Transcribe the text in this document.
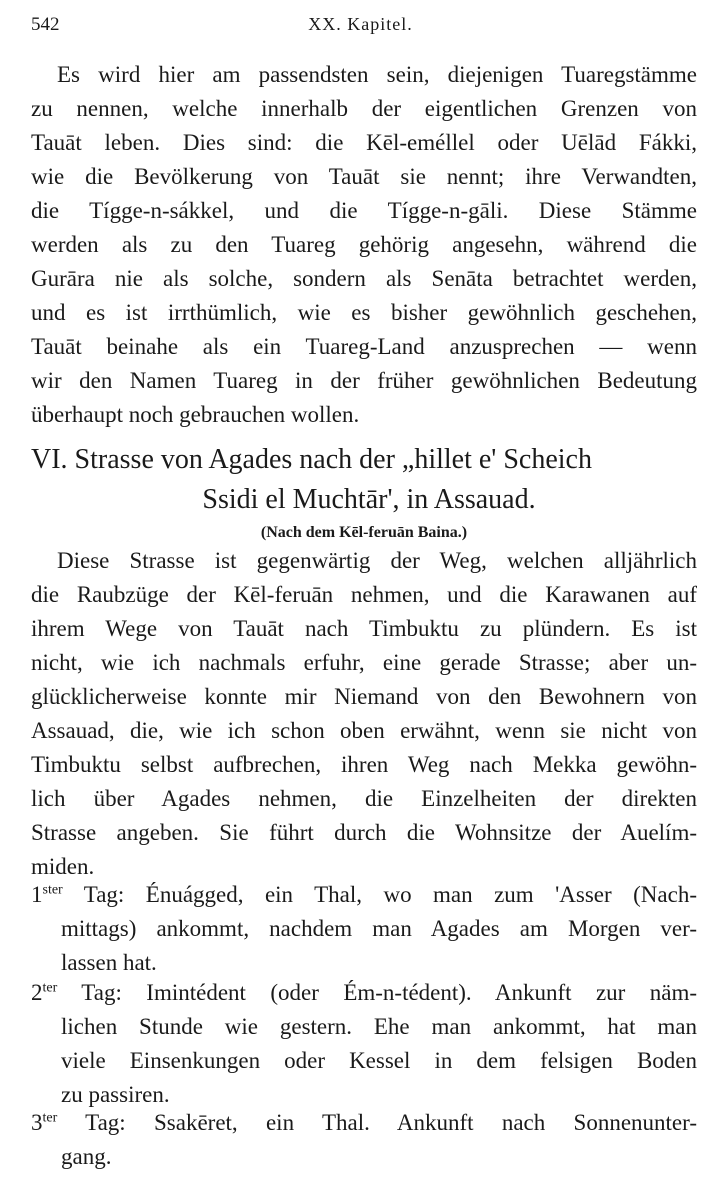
542	XX. Kapitel.
Es wird hier am passendsten sein, diejenigen Tuaregstämme
zu nennen, welche innerhalb der eigentlichen Grenzen von
Tauāt leben. Dies sind: die Kēl-eméllel oder Uēlād Fákki,
wie die Bevölkerung von Tauāt sie nennt; ihre Verwandten,
die Tígge-n-sákkel, und die Tígge-n-gāli. Diese Stämme
werden als zu den Tuareg gehörig angesehn, während die
Gurāra nie als solche, sondern als Senāta betrachtet werden,
und es ist irrthümlich, wie es bisher gewöhnlich geschehen,
Tauāt beinahe als ein Tuareg-Land anzusprechen — wenn
wir den Namen Tuareg in der früher gewöhnlichen Bedeutung
überhaupt noch gebrauchen wollen.
VI. Strasse von Agades nach der „hillet e' Scheich
Ssidi el Muchtār', in Assauad.
(Nach dem Kēl-feruān Baina.)
Diese Strasse ist gegenwärtig der Weg, welchen alljährlich
die Raubzüge der Kēl-feruān nehmen, und die Karawanen auf
ihrem Wege von Tauāt nach Timbuktu zu plündern. Es ist
nicht, wie ich nachmals erfuhr, eine gerade Strasse; aber un-
glücklicherweise konnte mir Niemand von den Bewohnern von
Assauad, die, wie ich schon oben erwähnt, wenn sie nicht von
Timbuktu selbst aufbrechen, ihren Weg nach Mekka gewöhn-
lich über Agades nehmen, die Einzelheiten der direkten
Strasse angeben. Sie führt durch die Wohnsitze der Auelím-
miden.
$1^{ster}$ Tag: Énuágged, ein Thal, wo man zum 'Asser (Nach-
mittags) ankommt, nachdem man Agades am Morgen ver-
lassen hat.
$2^{ter}$ Tag: Imintédent (oder Ém-n-tédent). Ankunft zur näm-
lichen Stunde wie gestern. Ehe man ankommt, hat man
viele Einsenkungen oder Kessel in dem felsigen Boden
zu passiren.
$3^{ter}$ Tag: Ssakēret, ein Thal. Ankunft nach Sonnenunter-
gang.
